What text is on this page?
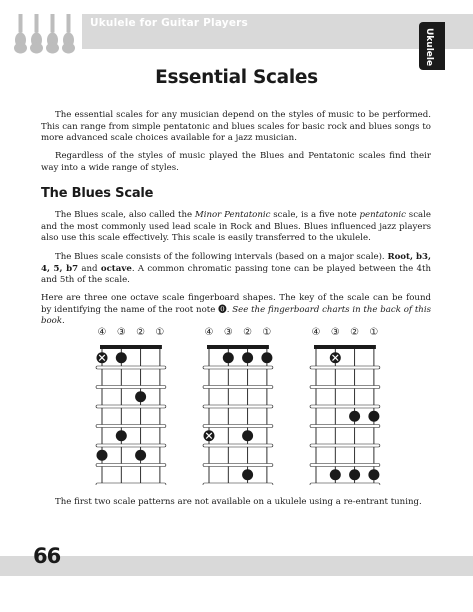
Ukulele for Guitar Players
Ukulele
Essential Scales

The essential scales for any musician depend on the styles of music to be performed. This can range from simple pentatonic and blues scales for basic rock and blues songs to more advanced scale choices available for a jazz musician.

Regardless of the styles of music played the Blues and Pentatonic scales find their way into a wide range of styles.

The Blues Scale

The Blues scale, also called the Minor Pentatonic scale, is a five note pentatonic scale and the most commonly used lead scale in Rock and Blues. Blues influenced jazz players also use this scale effectively. This scale is easily transferred to the ukulele.

The Blues scale consists of the following intervals (based on a major scale). Root, b3, 4, 5, b7 and octave. A common chromatic passing tone can be played between the 4th and 5th of the scale.

Here are three one octave scale fingerboard shapes. The key of the scale can be found by identifying the name of the root note ⓿. See the fingerboard charts in the back of this book.

④ ③ ② ①	④ ③ ② ①	④ ③ ② ①

The first two scale patterns are not available on a ukulele using a re-entrant tuning.

66
